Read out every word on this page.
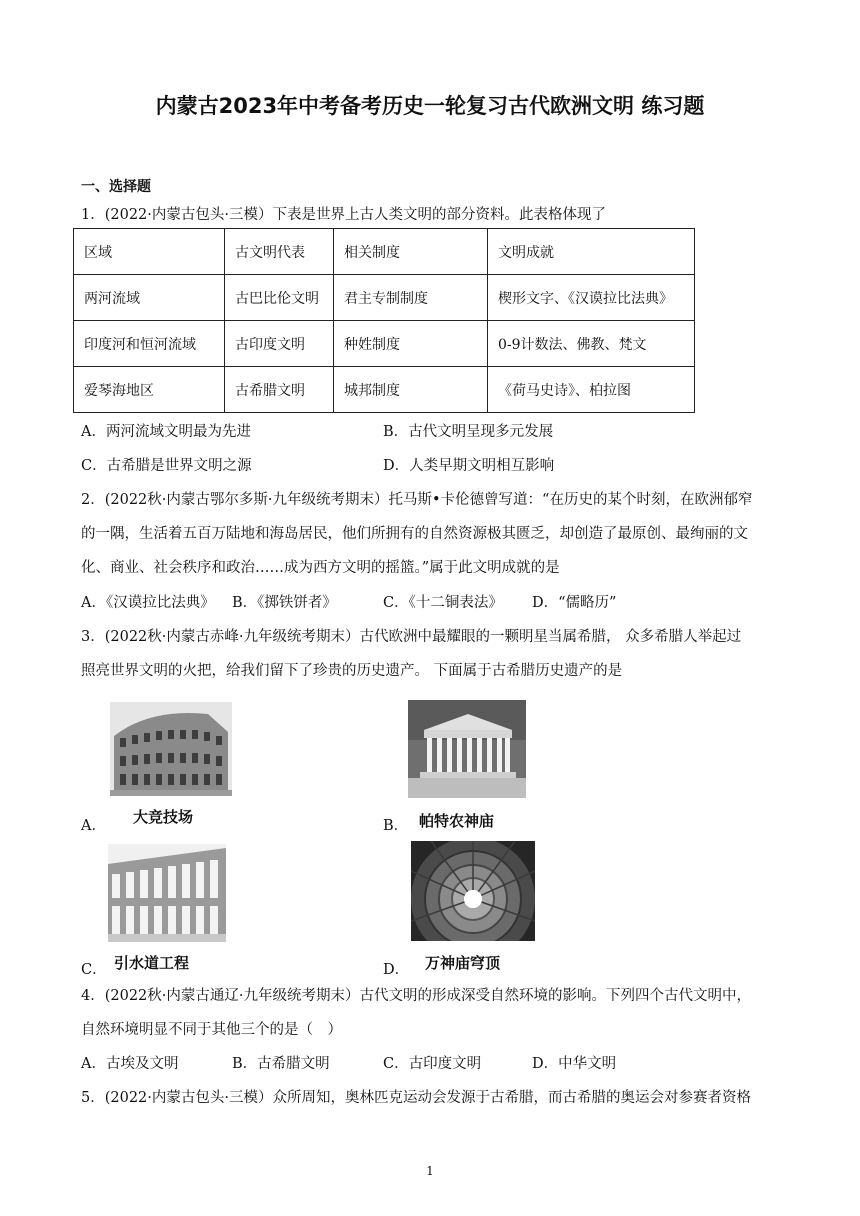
内蒙古2023年中考备考历史一轮复习古代欧洲文明 练习题
一、选择题
1．(2022·内蒙古包头·三模）下表是世界上古人类文明的部分资料。此表格体现了
区域	古文明代表	相关制度	文明成就
两河流域	古巴比伦文明	君主专制制度	楔形文字、《汉谟拉比法典》
印度河和恒河流域	古印度文明	种姓制度	0-9计数法、佛教、梵文
爱琴海地区	古希腊文明	城邦制度	《荷马史诗》、柏拉图
A．两河流域文明最为先进	B．古代文明呈现多元发展
C．古希腊是世界文明之源	D．人类早期文明相互影响
2．(2022秋·内蒙古鄂尔多斯·九年级统考期末）托马斯•卡伦德曾写道：“在历史的某个时刻，在欧洲郁窄
的一隅，生活着五百万陆地和海岛居民，他们所拥有的自然资源极其匮乏，却创造了最原创、最绚丽的文
化、商业、社会秩序和政治……成为西方文明的摇篮。”属于此文明成就的是
A．《汉谟拉比法典》 B．《掷铁饼者》	C．《十二铜表法》 D．“儒略历”
3．(2022秋·内蒙古赤峰·九年级统考期末）古代欧洲中最耀眼的一颗明星当属希腊， 众多希腊人举起过
照亮世界文明的火把，给我们留下了珍贵的历史遗产。 下面属于古希腊历史遗产的是
A． 大竞技场	B． 帕特农神庙
C． 引水道工程	D． 万神庙穹顶
4．(2022秋·内蒙古通辽·九年级统考期末）古代文明的形成深受自然环境的影响。下列四个古代文明中，
自然环境明显不同于其他三个的是（　）
A．古埃及文明	B．古希腊文明	C．古印度文明	D．中华文明
5．(2022·内蒙古包头·三模）众所周知，奥林匹克运动会发源于古希腊，而古希腊的奥运会对参赛者资格
1
